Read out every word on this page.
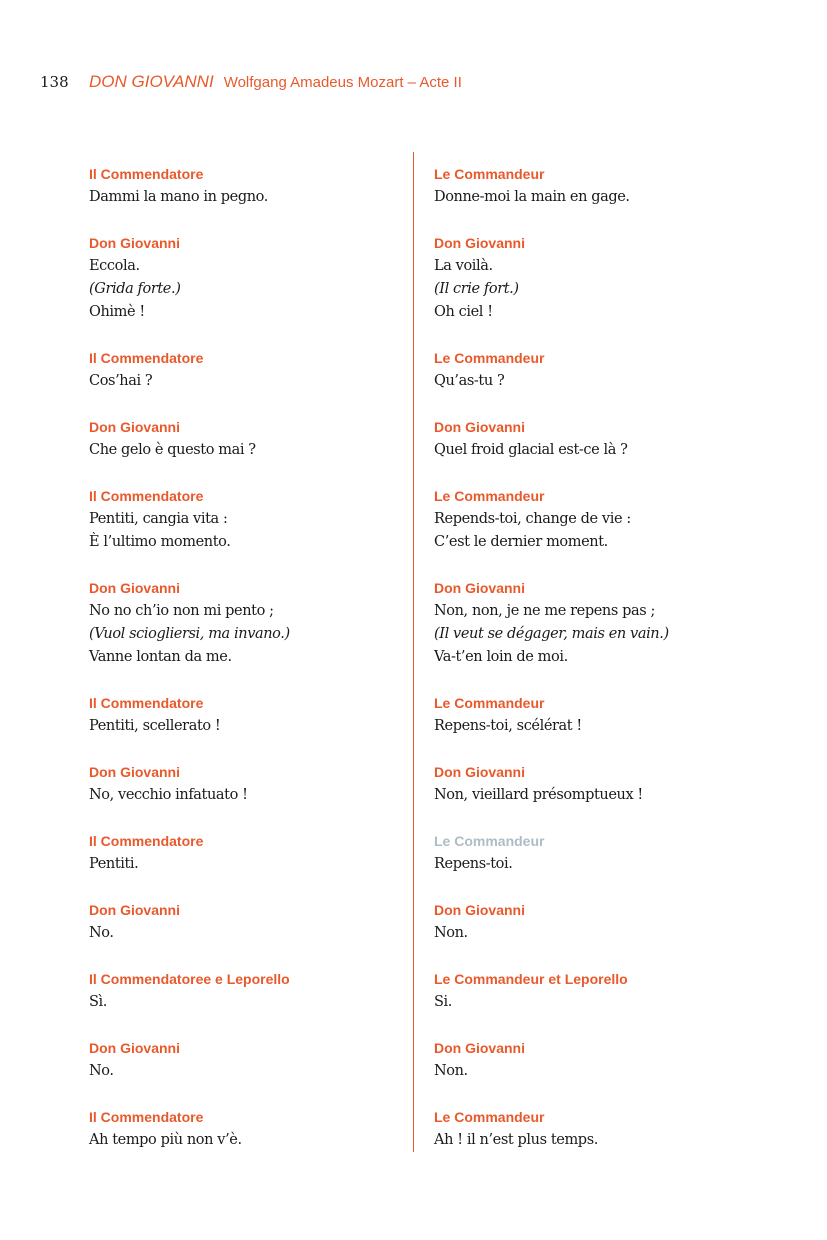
138	DON GIOVANNI Wolfgang Amadeus Mozart – Acte II
Il Commendatore
Dammi la mano in pegno.
Don Giovanni
Eccola.
(Grida forte.)
Ohimè !
Il Commendatore
Cos’hai ?
Don Giovanni
Che gelo è questo mai ?
Il Commendatore
Pentiti, cangia vita :
È l’ultimo momento.
Don Giovanni
No no ch’io non mi pento ;
(Vuol sciogliersi, ma invano.)
Vanne lontan da me.
Il Commendatore
Pentiti, scellerato !
Don Giovanni
No, vecchio infatuato !
Il Commendatore
Pentiti.
Don Giovanni
No.
Il Commendatoree e Leporello
Sì.
Don Giovanni
No.
Il Commendatore
Ah tempo più non v’è.
Le Commandeur
Donne-moi la main en gage.
Don Giovanni
La voilà.
(Il crie fort.)
Oh ciel !
Le Commandeur
Qu’as-tu ?
Don Giovanni
Quel froid glacial est-ce là ?
Le Commandeur
Repends-toi, change de vie :
C’est le dernier moment.
Don Giovanni
Non, non, je ne me repens pas ;
(Il veut se dégager, mais en vain.)
Va-t’en loin de moi.
Le Commandeur
Repens-toi, scélérat !
Don Giovanni
Non, vieillard présomptueux !
Le Commandeur
Repens-toi.
Don Giovanni
Non.
Le Commandeur et Leporello
Si.
Don Giovanni
Non.
Le Commandeur
Ah ! il n’est plus temps.
